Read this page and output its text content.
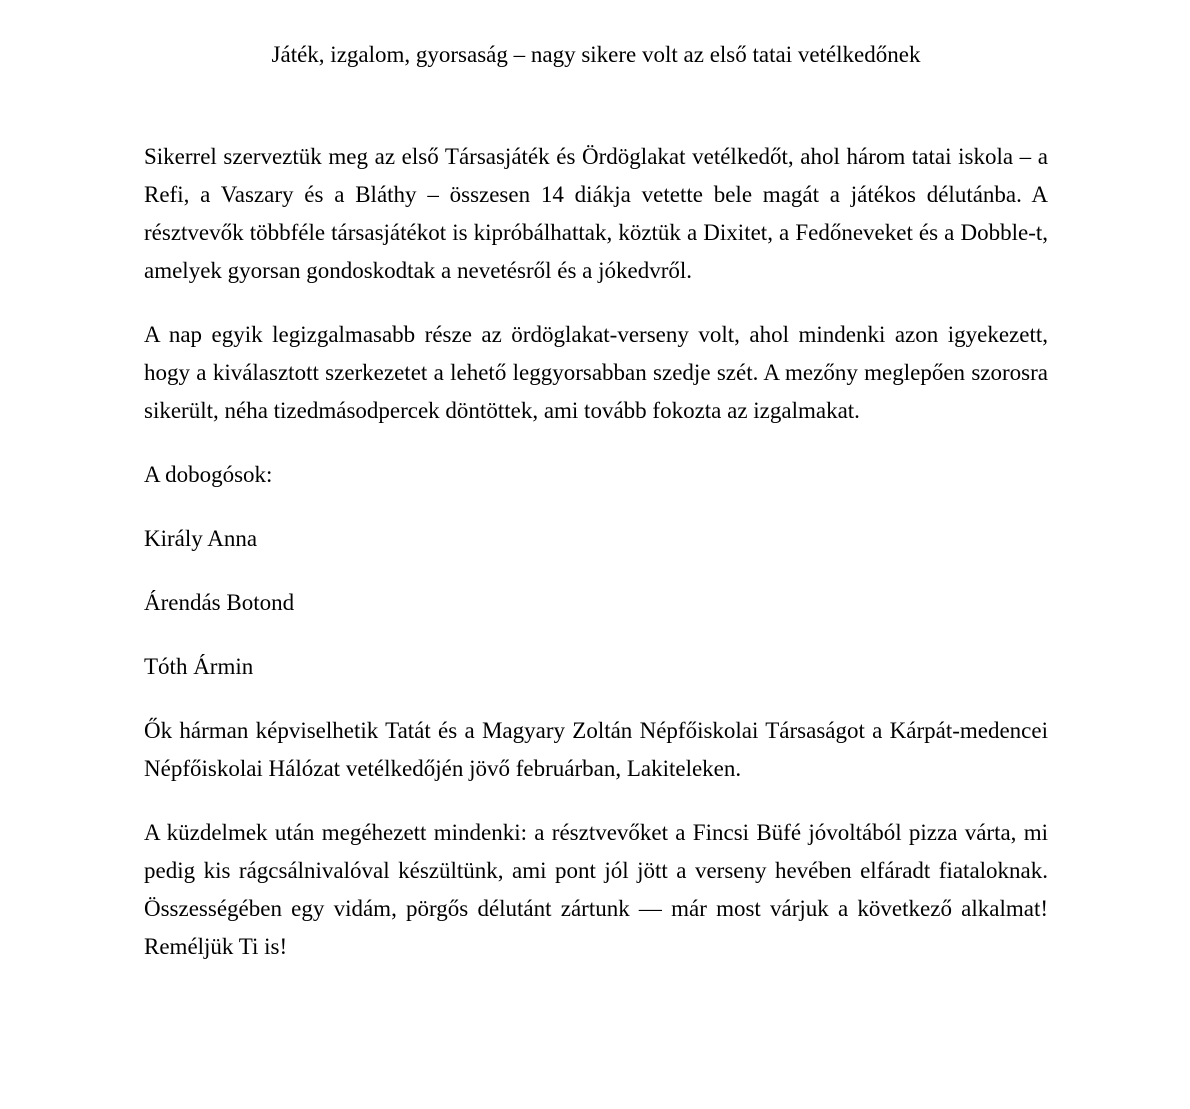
Játék, izgalom, gyorsaság – nagy sikere volt az első tatai vetélkedőnek

Sikerrel szerveztük meg az első Társasjáték és Ördöglakat vetélkedőt, ahol három tatai iskola – a Refi, a Vaszary és a Bláthy – összesen 14 diákja vetette bele magát a játékos délutánba. A résztvevők többféle társasjátékot is kipróbálhattak, köztük a Dixitet, a Fedőneveket és a Dobble-t, amelyek gyorsan gondoskodtak a nevetésről és a jókedvről.

A nap egyik legizgalmasabb része az ördöglakat-verseny volt, ahol mindenki azon igyekezett, hogy a kiválasztott szerkezetet a lehető leggyorsabban szedje szét. A mezőny meglepően szorosra sikerült, néha tizedmásodpercek döntöttek, ami tovább fokozta az izgalmakat.

A dobogósok:

Király Anna

Árendás Botond

Tóth Ármin

Ők hárman képviselhetik Tatát és a Magyary Zoltán Népfőiskolai Társaságot a Kárpát-medencei Népfőiskolai Hálózat vetélkedőjén jövő februárban, Lakiteleken.

A küzdelmek után megéhezett mindenki: a résztvevőket a Fincsi Büfé jóvoltából pizza várta, mi pedig kis rágcsálnivalóval készültünk, ami pont jól jött a verseny hevében elfáradt fiataloknak. Összességében egy vidám, pörgős délutánt zártunk — már most várjuk a következő alkalmat! Reméljük Ti is!
